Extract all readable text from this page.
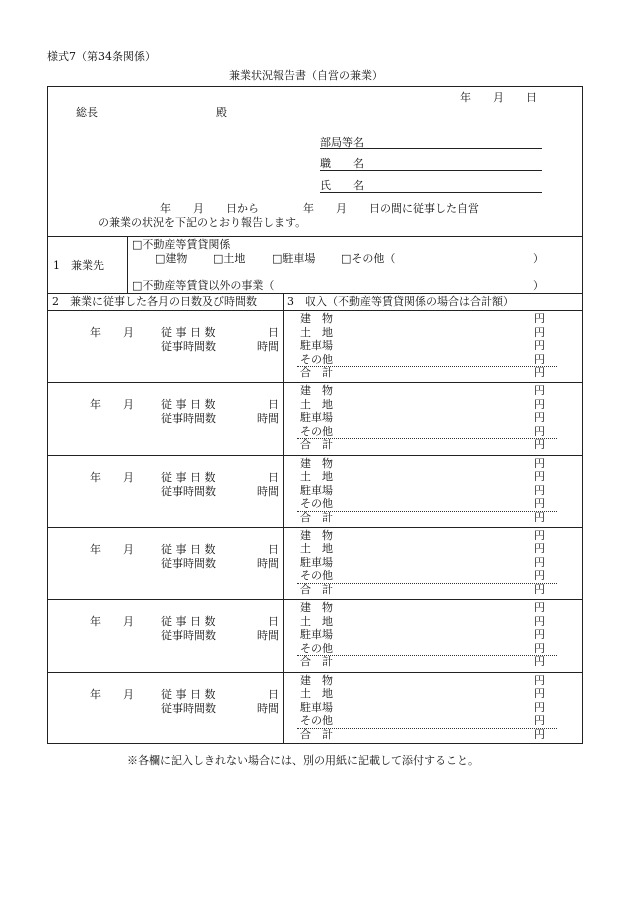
様式7（第34条関係）
兼業状況報告書（自営の兼業）
年　　月　　日
総長	殿
部局等名
職　　名
氏　　名
年　　月　　日から　　　　年　　月　　日の間に従事した自営
の兼業の状況を下記のとおり報告します。
1　兼業先
□不動産等賃貸関係
□建物 □土地 □駐車場 □その他（	）
□不動産等賃貸以外の事業（	）
2　兼業に従事した各月の日数及び時間数	3　収入（不動産等賃貸関係の場合は合計額）
年　　月 従 事 日 数	日
従事時間数	時間
建　物	円
土　地	円
駐車場	円
その他	円
合　計	円
年　　月 従 事 日 数	日
従事時間数	時間
建　物	円
土　地	円
駐車場	円
その他	円
合　計	円
年　　月 従 事 日 数	日
従事時間数	時間
建　物	円
土　地	円
駐車場	円
その他	円
合　計	円
年　　月 従 事 日 数	日
従事時間数	時間
建　物	円
土　地	円
駐車場	円
その他	円
合　計	円
年　　月 従 事 日 数	日
従事時間数	時間
建　物	円
土　地	円
駐車場	円
その他	円
合　計	円
年　　月 従 事 日 数	日
従事時間数	時間
建　物	円
土　地	円
駐車場	円
その他	円
合　計	円
※各欄に記入しきれない場合には、別の用紙に記載して添付すること。
